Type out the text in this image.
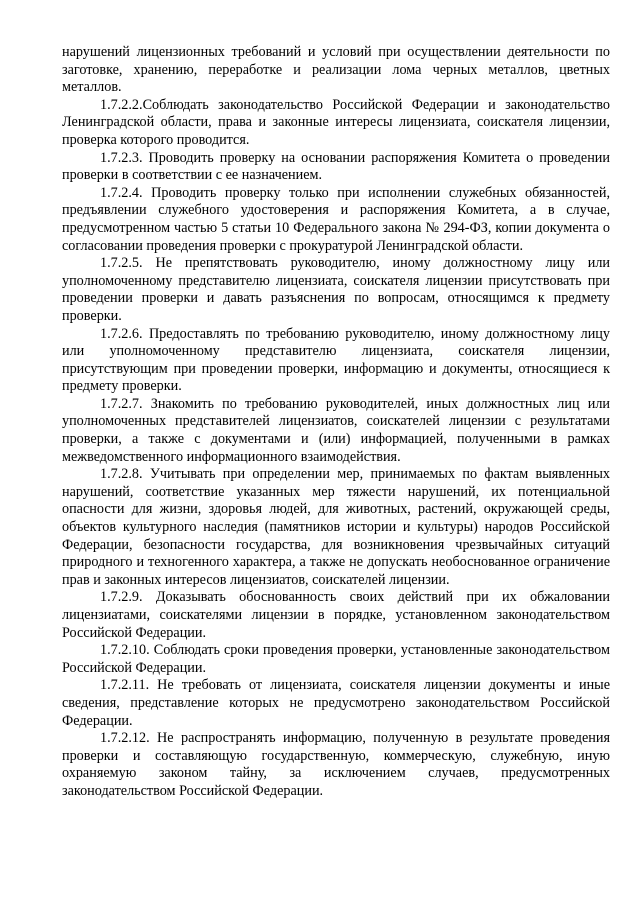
нарушений лицензионных требований и условий при осуществлении деятельности по заготовке, хранению, переработке и реализации лома черных металлов, цветных металлов.

1.7.2.2.Соблюдать законодательство Российской Федерации и законодательство Ленинградской области, права и законные интересы лицензиата, соискателя лицензии, проверка которого проводится.

1.7.2.3. Проводить проверку на основании распоряжения Комитета о проведении проверки в соответствии с ее назначением.

1.7.2.4. Проводить проверку только при исполнении служебных обязанностей, предъявлении служебного удостоверения и распоряжения Комитета, а в случае, предусмотренном частью 5 статьи 10 Федерального закона № 294-ФЗ, копии документа о согласовании проведения проверки с прокуратурой Ленинградской области.

1.7.2.5. Не препятствовать руководителю, иному должностному лицу или уполномоченному представителю лицензиата, соискателя лицензии присутствовать при проведении проверки и давать разъяснения по вопросам, относящимся к предмету проверки.

1.7.2.6. Предоставлять по требованию руководителю, иному должностному лицу или уполномоченному представителю лицензиата, соискателя лицензии, присутствующим при проведении проверки, информацию и документы, относящиеся к предмету проверки.

1.7.2.7. Знакомить по требованию руководителей, иных должностных лиц или уполномоченных представителей лицензиатов, соискателей лицензии с результатами проверки, а также с документами и (или) информацией, полученными в рамках межведомственного информационного взаимодействия.

1.7.2.8. Учитывать при определении мер, принимаемых по фактам выявленных нарушений, соответствие указанных мер тяжести нарушений, их потенциальной опасности для жизни, здоровья людей, для животных, растений, окружающей среды, объектов культурного наследия (памятников истории и культуры) народов Российской Федерации, безопасности государства, для возникновения чрезвычайных ситуаций природного и техногенного характера, а также не допускать необоснованное ограничение прав и законных интересов лицензиатов, соискателей лицензии.

1.7.2.9. Доказывать обоснованность своих действий при их обжаловании лицензиатами, соискателями лицензии в порядке, установленном законодательством Российской Федерации.

1.7.2.10. Соблюдать сроки проведения проверки, установленные законодательством Российской Федерации.

1.7.2.11. Не требовать от лицензиата, соискателя лицензии документы и иные сведения, представление которых не предусмотрено законодательством Российской Федерации.

1.7.2.12. Не распространять информацию, полученную в результате проведения проверки и составляющую государственную, коммерческую, служебную, иную охраняемую законом тайну, за исключением случаев, предусмотренных законодательством Российской Федерации.
